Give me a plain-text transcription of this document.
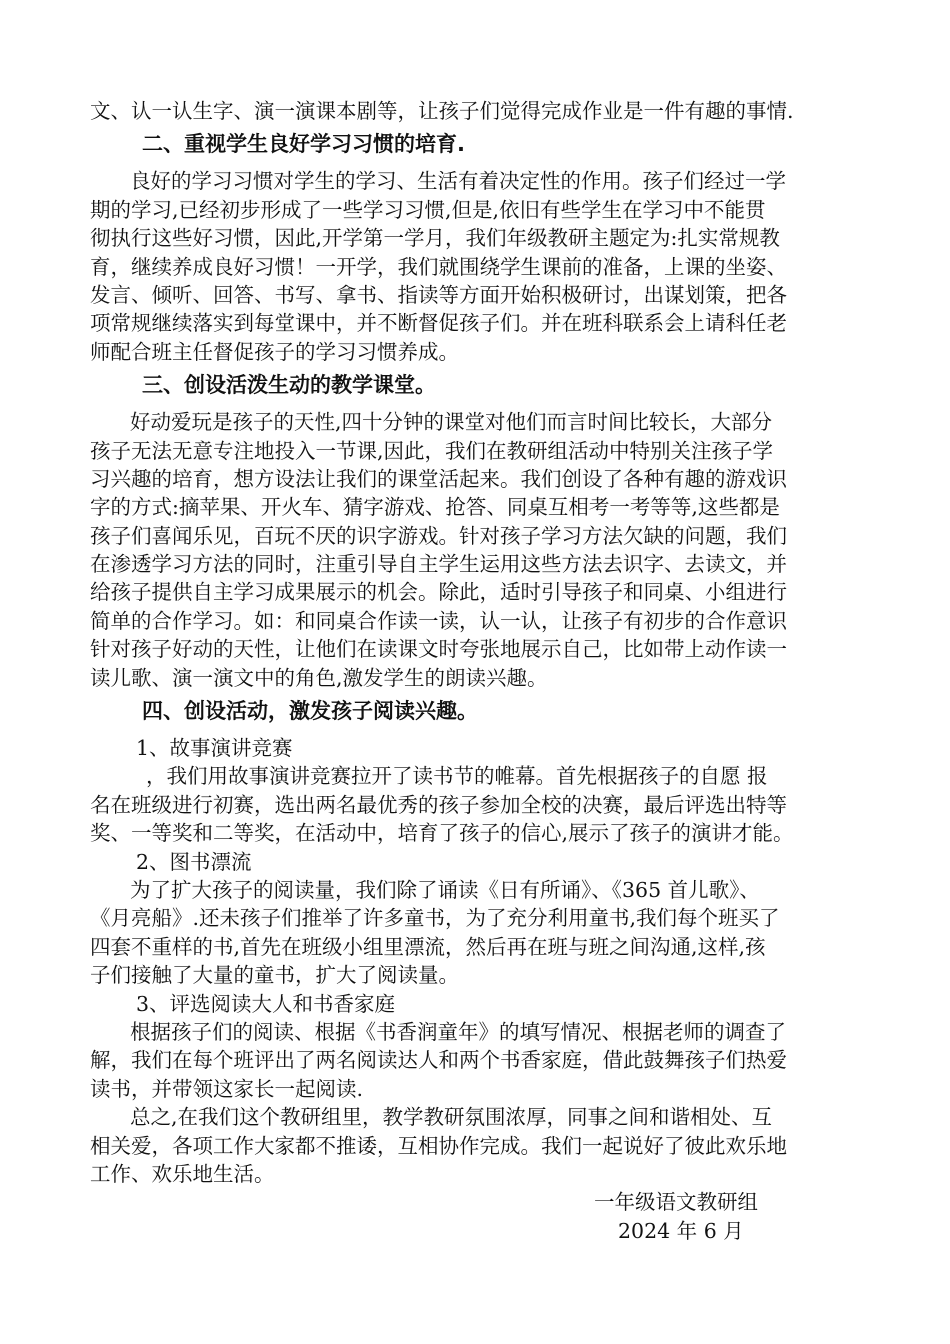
文、认一认生字、演一演课本剧等，让孩子们觉得完成作业是一件有趣的事情.
二、重视学生良好学习习惯的培育.
良好的学习习惯对学生的学习、生活有着决定性的作用。孩子们经过一学
期的学习,已经初步形成了一些学习习惯,但是,依旧有些学生在学习中不能贯
彻执行这些好习惯，因此,开学第一学月，我们年级教研主题定为:扎实常规教
育，继续养成良好习惯！一开学，我们就围绕学生课前的准备，上课的坐姿、
发言、倾听、回答、书写、拿书、指读等方面开始积极研讨，出谋划策，把各
项常规继续落实到每堂课中，并不断督促孩子们。并在班科联系会上请科任老
师配合班主任督促孩子的学习习惯养成。
三、创设活泼生动的教学课堂。
好动爱玩是孩子的天性,四十分钟的课堂对他们而言时间比较长，大部分
孩子无法无意专注地投入一节课,因此，我们在教研组活动中特别关注孩子学
习兴趣的培育，想方设法让我们的课堂活起来。我们创设了各种有趣的游戏识
字的方式:摘苹果、开火车、猜字游戏、抢答、同桌互相考一考等等,这些都是
孩子们喜闻乐见，百玩不厌的识字游戏。针对孩子学习方法欠缺的问题，我们
在渗透学习方法的同时，注重引导自主学生运用这些方法去识字、去读文，并
给孩子提供自主学习成果展示的机会。除此，适时引导孩子和同桌、小组进行
简单的合作学习。如：和同桌合作读一读，认一认，让孩子有初步的合作意识
针对孩子好动的天性，让他们在读课文时夸张地展示自己，比如带上动作读一
读儿歌、演一演文中的角色,激发学生的朗读兴趣。
四、创设活动，激发孩子阅读兴趣。
1、故事演讲竞赛
，我们用故事演讲竞赛拉开了读书节的帷幕。首先根据孩子的自愿 报
名在班级进行初赛，选出两名最优秀的孩子参加全校的决赛，最后评选出特等
奖、一等奖和二等奖，在活动中，培育了孩子的信心,展示了孩子的演讲才能。
2、图书漂流
为了扩大孩子的阅读量，我们除了诵读《日有所诵》、《365 首儿歌》、
《月亮船》.还未孩子们推举了许多童书，为了充分利用童书,我们每个班买了
四套不重样的书,首先在班级小组里漂流，然后再在班与班之间沟通,这样,孩
子们接触了大量的童书，扩大了阅读量。
3、评选阅读大人和书香家庭
根据孩子们的阅读、根据《书香润童年》的填写情况、根据老师的调查了
解，我们在每个班评出了两名阅读达人和两个书香家庭，借此鼓舞孩子们热爱
读书，并带领这家长一起阅读.
总之,在我们这个教研组里，教学教研氛围浓厚，同事之间和谐相处、互
相关爱，各项工作大家都不推诿，互相协作完成。我们一起说好了彼此欢乐地
工作、欢乐地生活。
一年级语文教研组
2024 年 6 月
